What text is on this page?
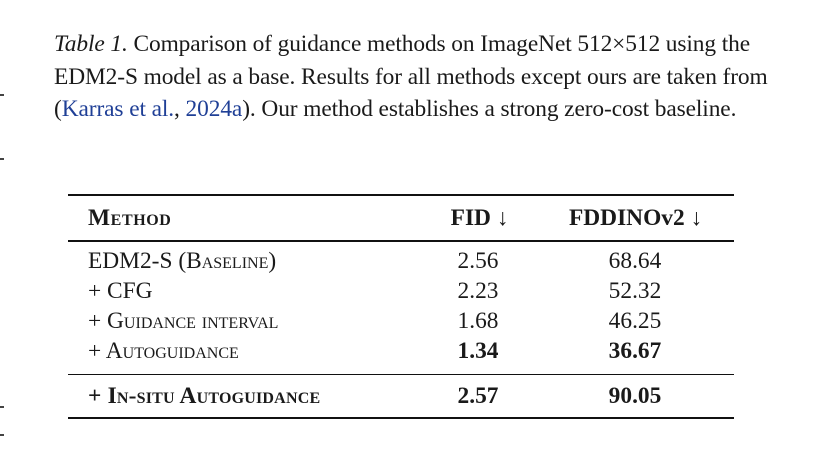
Table 1. Comparison of guidance methods on ImageNet 512×512 using the EDM2-S model as a base. Results for all methods except ours are taken from (Karras et al., 2024a). Our method establishes a strong zero-cost baseline.
Method	FID ↓	FDDINOv2 ↓
EDM2-S (Baseline)	2.56	68.64
+ CFG	2.23	52.32
+ Guidance interval	1.68	46.25
+ Autoguidance	1.34	36.67
+ In-situ Autoguidance	2.57	90.05
